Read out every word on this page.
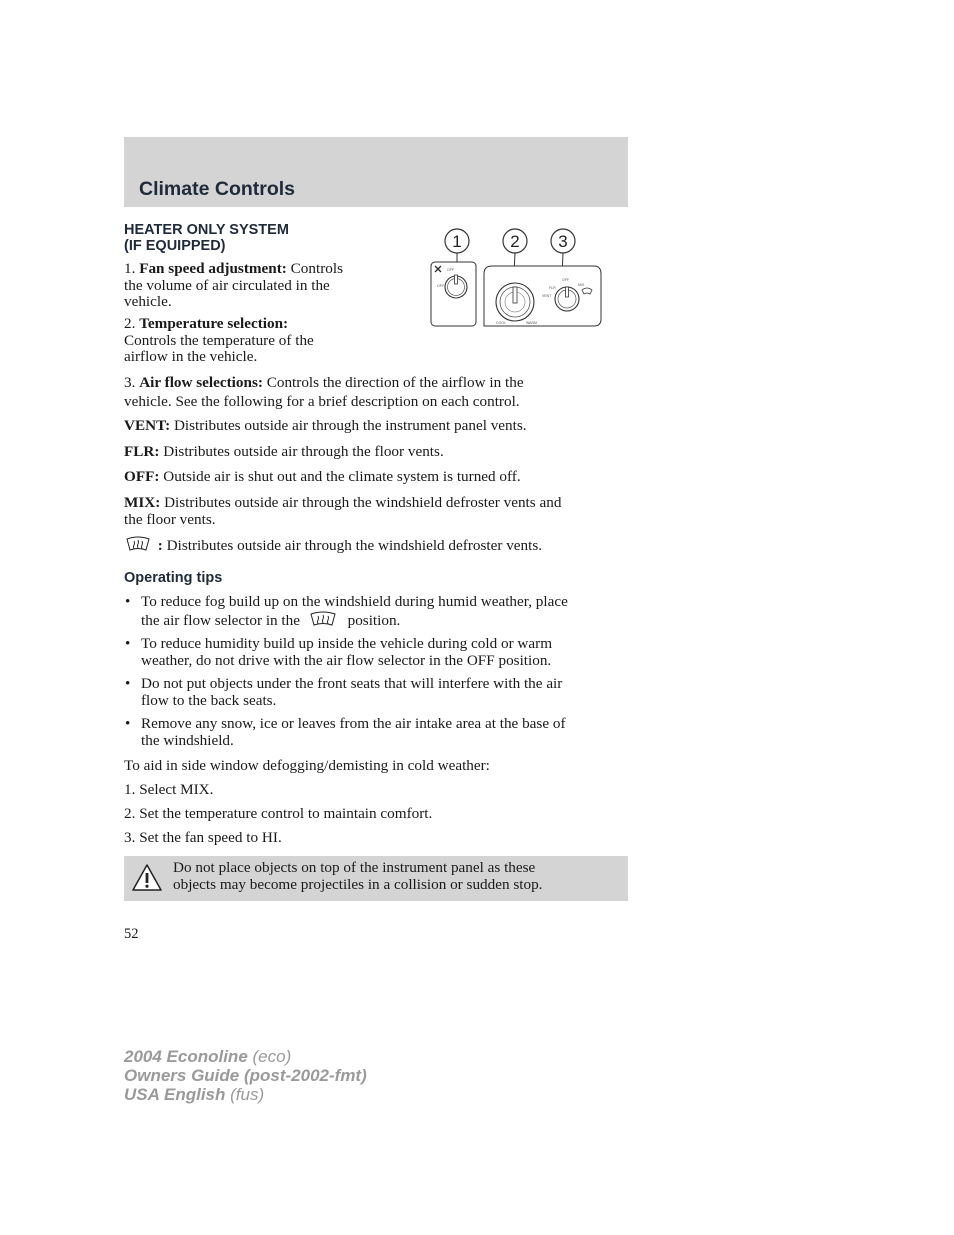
Climate Controls

HEATER ONLY SYSTEM

(IF EQUIPPED)

1. Fan speed adjustment: Controls

the volume of air circulated in the

vehicle.

2. Temperature selection:

Controls the temperature of the

airflow in the vehicle.

1	2 3
OFF
OFF
COOL	WARM
FLR
VENT
OFF
MIX

3. Air flow selections: Controls the direction of the airflow in the

vehicle. See the following for a brief description on each control.

VENT: Distributes outside air through the instrument panel vents.

FLR: Distributes outside air through the floor vents.

OFF: Outside air is shut out and the climate system is turned off.

MIX: Distributes outside air through the windshield defroster vents and

the floor vents.

: Distributes outside air through the windshield defroster vents.

Operating tips

• To reduce fog build up on the windshield during humid weather, place
the air flow selector in the	position.
• To reduce humidity build up inside the vehicle during cold or warm
weather, do not drive with the air flow selector in the OFF position.
• Do not put objects under the front seats that will interfere with the air
flow to the back seats.
• Remove any snow, ice or leaves from the air intake area at the base of
the windshield.

To aid in side window defogging/demisting in cold weather:

1. Select MIX.

2. Set the temperature control to maintain comfort.

3. Set the fan speed to HI.

Do not place objects on top of the instrument panel as these

objects may become projectiles in a collision or sudden stop.

52

2004 Econoline (eco)
Owners Guide (post-2002-fmt)
USA English (fus)
